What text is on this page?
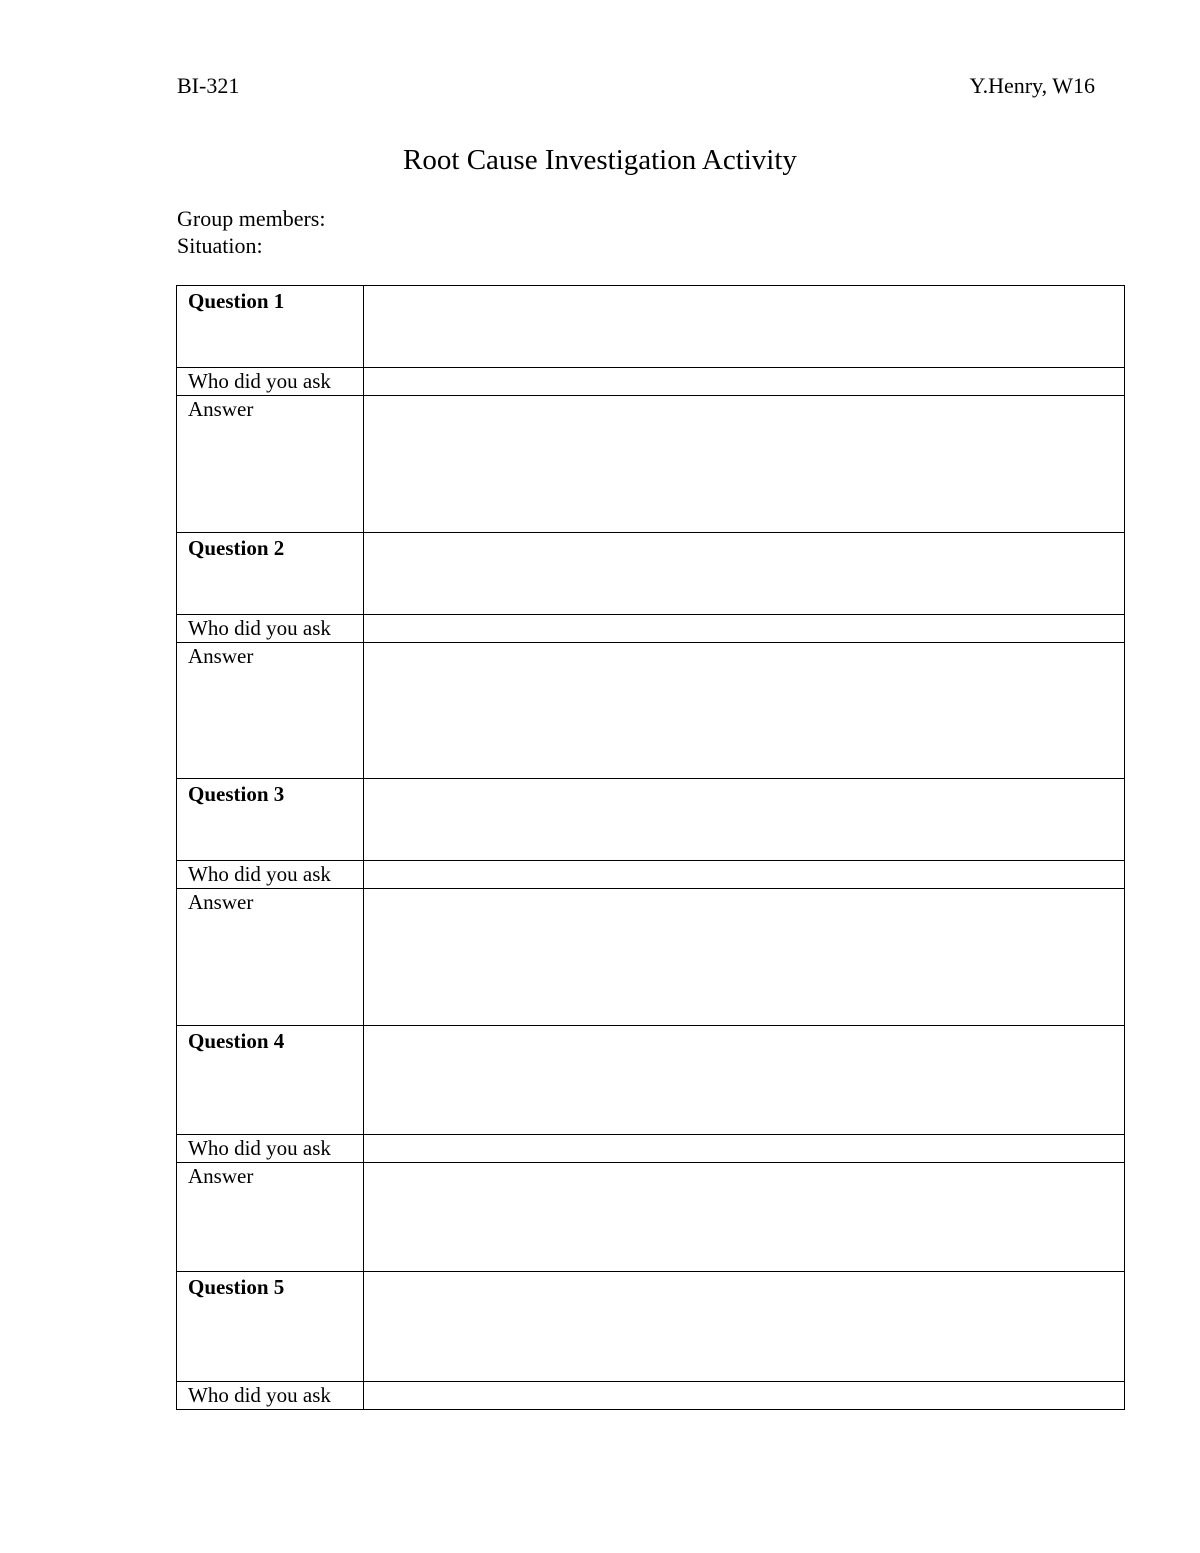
BI-321	Y.Henry, W16
Root Cause Investigation Activity
Group members:
Situation:
Question 1	
Who did you ask	
Answer	
Question 2	
Who did you ask	
Answer	
Question 3	
Who did you ask	
Answer	
Question 4	
Who did you ask	
Answer	
Question 5	
Who did you ask	
